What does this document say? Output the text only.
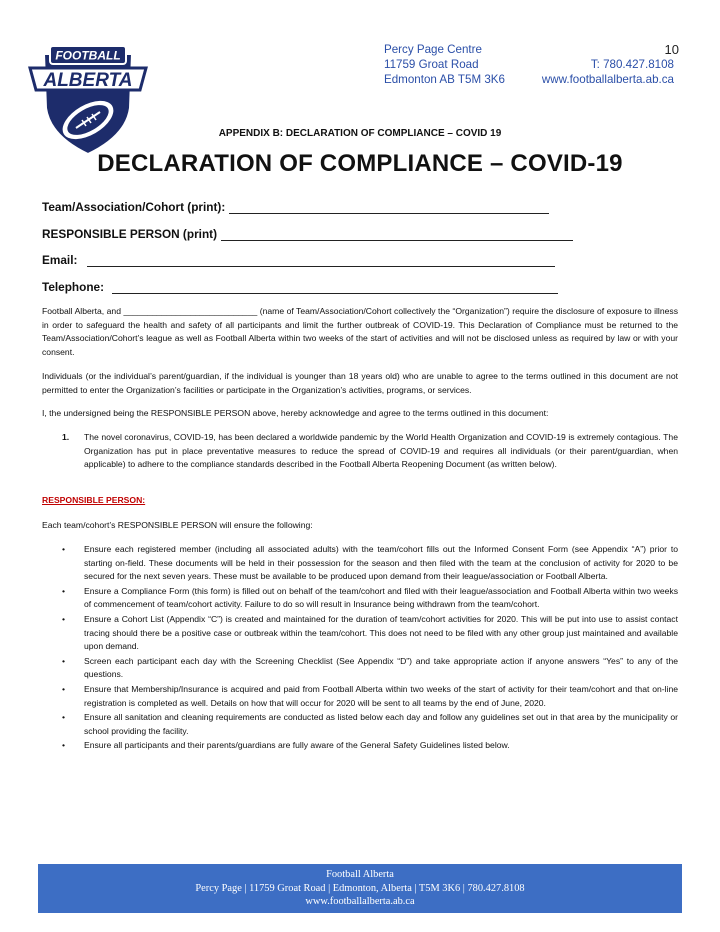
FOOTBALL
ALBERTA
Percy Page Centre
11759 Groat Road
Edmonton AB T5M 3K6
10
T: 780.427.8108
www.footballalberta.ab.ca
APPENDIX B: DECLARATION OF COMPLIANCE – COVID 19
DECLARATION OF COMPLIANCE – COVID-19
Team/Association/Cohort (print):
RESPONSIBLE PERSON (print)
Email:
Telephone:
Football Alberta, and ____________________________ (name of Team/Association/Cohort collectively the “Organization”) require the disclosure of exposure to illness in order to safeguard the health and safety of all participants and limit the further outbreak of COVID-19. This Declaration of Compliance must be returned to the Team/Association/Cohort’s league as well as Football Alberta within two weeks of the start of activities and will not be disclosed unless as required by law or with your consent.
Individuals (or the individual’s parent/guardian, if the individual is younger than 18 years old) who are unable to agree to the terms outlined in this document are not permitted to enter the Organization’s facilities or participate in the Organization’s activities, programs, or services.
I, the undersigned being the RESPONSIBLE PERSON above, hereby acknowledge and agree to the terms outlined in this document:
1. The novel coronavirus, COVID-19, has been declared a worldwide pandemic by the World Health Organization and COVID-19 is extremely contagious. The Organization has put in place preventative measures to reduce the spread of COVID-19 and requires all individuals (or their parent/guardian, when applicable) to adhere to the compliance standards described in the Football Alberta Reopening Document (as written below).
RESPONSIBLE PERSON:
Each team/cohort’s RESPONSIBLE PERSON will ensure the following:
• Ensure each registered member (including all associated adults) with the team/cohort fills out the Informed Consent Form (see Appendix “A”) prior to starting on-field. These documents will be held in their possession for the season and then filed with the team at the conclusion of activity for 2020 to be secured for the next seven years. These must be available to be produced upon demand from their league/association or Football Alberta.
• Ensure a Compliance Form (this form) is filled out on behalf of the team/cohort and filed with their league/association and Football Alberta within two weeks of commencement of team/cohort activity. Failure to do so will result in Insurance being withdrawn from the team/cohort.
• Ensure a Cohort List (Appendix “C”) is created and maintained for the duration of team/cohort activities for 2020. This will be put into use to assist contact tracing should there be a positive case or outbreak within the team/cohort. This does not need to be filed with any other group just maintained and available upon demand.
• Screen each participant each day with the Screening Checklist (See Appendix “D”) and take appropriate action if anyone answers “Yes” to any of the questions.
• Ensure that Membership/Insurance is acquired and paid from Football Alberta within two weeks of the start of activity for their team/cohort and that on-line registration is completed as well. Details on how that will occur for 2020 will be sent to all teams by the end of June, 2020.
• Ensure all sanitation and cleaning requirements are conducted as listed below each day and follow any guidelines set out in that area by the municipality or school providing the facility.
• Ensure all participants and their parents/guardians are fully aware of the General Safety Guidelines listed below.
Football Alberta
Percy Page | 11759 Groat Road | Edmonton, Alberta | T5M 3K6 | 780.427.8108
www.footballalberta.ab.ca
